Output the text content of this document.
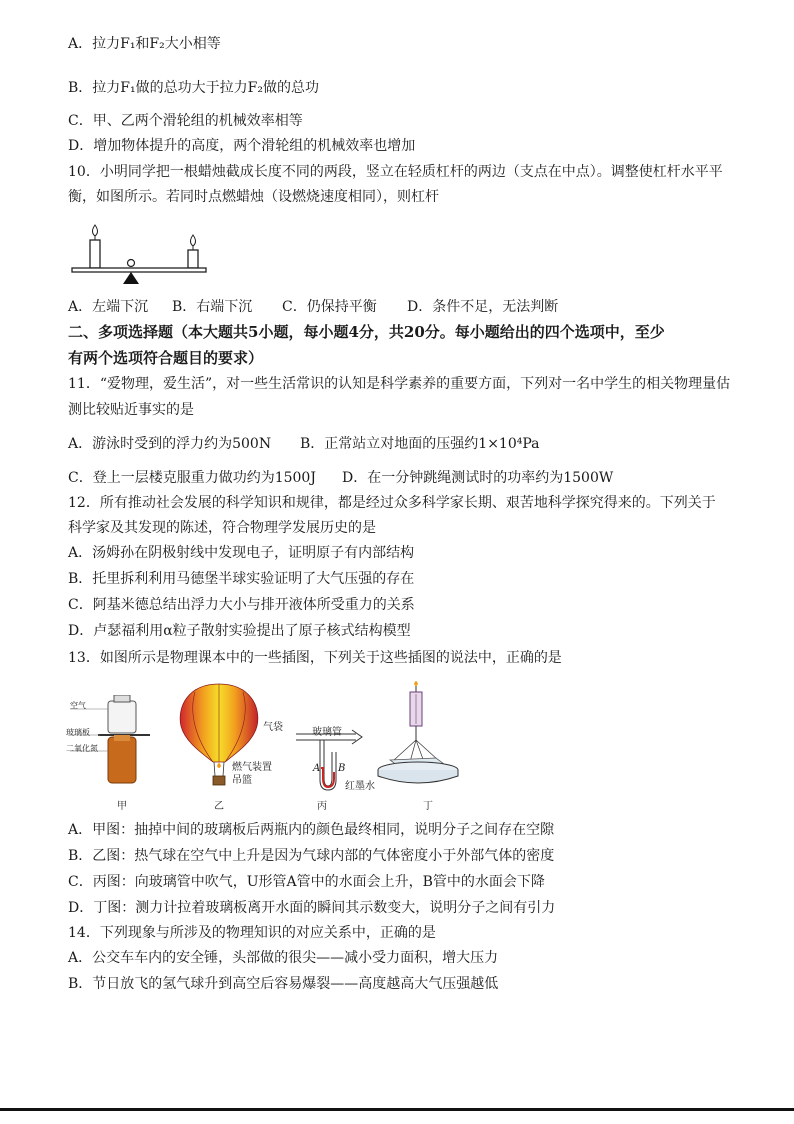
A．拉力F₁和F₂大小相等
B．拉力F₁做的总功大于拉力F₂做的总功
C．甲、乙两个滑轮组的机械效率相等
D．增加物体提升的高度，两个滑轮组的机械效率也增加
10．小明同学把一根蜡烛截成长度不同的两段，竖立在轻质杠杆的两边（支点在中点）。调整使杠杆水平平
衡，如图所示。若同时点燃蜡烛（设燃烧速度相同），则杠杆
A．左端下沉 B．右端下沉 C．仍保持平衡 D．条件不足，无法判断
二、多项选择题（本大题共5小题，每小题4分，共20分。每小题给出的四个选项中，至少
有两个选项符合题目的要求）
11．“爱物理，爱生活”，对一些生活常识的认知是科学素养的重要方面，下列对一名中学生的相关物理量估
测比较贴近事实的是
A．游泳时受到的浮力约为500N B．正常站立对地面的压强约1×10⁴Pa
C．登上一层楼克服重力做功约为1500J D．在一分钟跳绳测试时的功率约为1500W
12．所有推动社会发展的科学知识和规律，都是经过众多科学家长期、艰苦地科学探究得来的。下列关于
科学家及其发现的陈述，符合物理学发展历史的是
A．汤姆孙在阴极射线中发现电子，证明原子有内部结构
B．托里拆利利用马德堡半球实验证明了大气压强的存在
C．阿基米德总结出浮力大小与排开液体所受重力的关系
D．卢瑟福利用α粒子散射实验提出了原子核式结构模型
13．如图所示是物理课本中的一些插图，下列关于这些插图的说法中，正确的是
空气
玻璃板
二氧化氮
甲
气袋
燃气装置
吊篮
乙
玻璃管
A B
红墨水
丙	丁
A．甲图：抽掉中间的玻璃板后两瓶内的颜色最终相同，说明分子之间存在空隙
B．乙图：热气球在空气中上升是因为气球内部的气体密度小于外部气体的密度
C．丙图：向玻璃管中吹气，U形管A管中的水面会上升，B管中的水面会下降
D．丁图：测力计拉着玻璃板离开水面的瞬间其示数变大，说明分子之间有引力
14．下列现象与所涉及的物理知识的对应关系中，正确的是
A．公交车车内的安全锤，头部做的很尖——减小受力面积，增大压力
B．节日放飞的氢气球升到高空后容易爆裂——高度越高大气压强越低
